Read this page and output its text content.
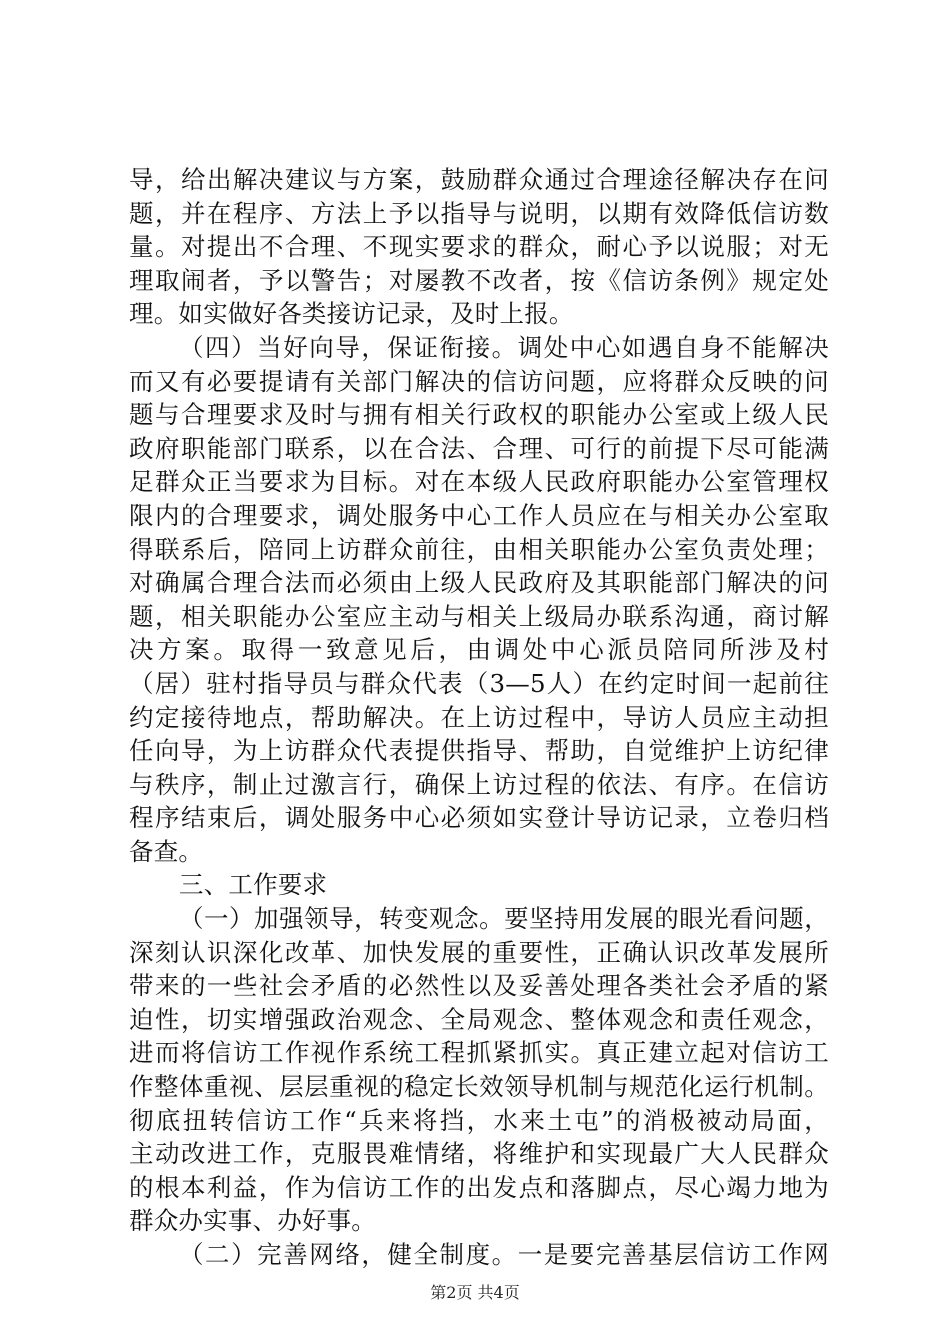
导，给出解决建议与方案，鼓励群众通过合理途径解决存在问
题，并在程序、方法上予以指导与说明，以期有效降低信访数
量。对提出不合理、不现实要求的群众，耐心予以说服；对无
理取闹者，予以警告；对屡教不改者，按《信访条例》规定处
理。如实做好各类接访记录，及时上报。
（四）当好向导，保证衔接。调处中心如遇自身不能解决
而又有必要提请有关部门解决的信访问题，应将群众反映的问
题与合理要求及时与拥有相关行政权的职能办公室或上级人民
政府职能部门联系，以在合法、合理、可行的前提下尽可能满
足群众正当要求为目标。对在本级人民政府职能办公室管理权
限内的合理要求，调处服务中心工作人员应在与相关办公室取
得联系后，陪同上访群众前往，由相关职能办公室负责处理；
对确属合理合法而必须由上级人民政府及其职能部门解决的问
题，相关职能办公室应主动与相关上级局办联系沟通，商讨解
决方案。取得一致意见后，由调处中心派员陪同所涉及村
（居）驻村指导员与群众代表（3—5人）在约定时间一起前往
约定接待地点，帮助解决。在上访过程中，导访人员应主动担
任向导，为上访群众代表提供指导、帮助，自觉维护上访纪律
与秩序，制止过激言行，确保上访过程的依法、有序。在信访
程序结束后，调处服务中心必须如实登计导访记录，立卷归档
备查。
三、工作要求
（一）加强领导，转变观念。要坚持用发展的眼光看问题，
深刻认识深化改革、加快发展的重要性，正确认识改革发展所
带来的一些社会矛盾的必然性以及妥善处理各类社会矛盾的紧
迫性，切实增强政治观念、全局观念、整体观念和责任观念，
进而将信访工作视作系统工程抓紧抓实。真正建立起对信访工
作整体重视、层层重视的稳定长效领导机制与规范化运行机制。
彻底扭转信访工作“兵来将挡，水来土屯”的消极被动局面，
主动改进工作，克服畏难情绪，将维护和实现最广大人民群众
的根本利益，作为信访工作的出发点和落脚点，尽心竭力地为
群众办实事、办好事。
（二）完善网络，健全制度。一是要完善基层信访工作网
第2页 共4页
